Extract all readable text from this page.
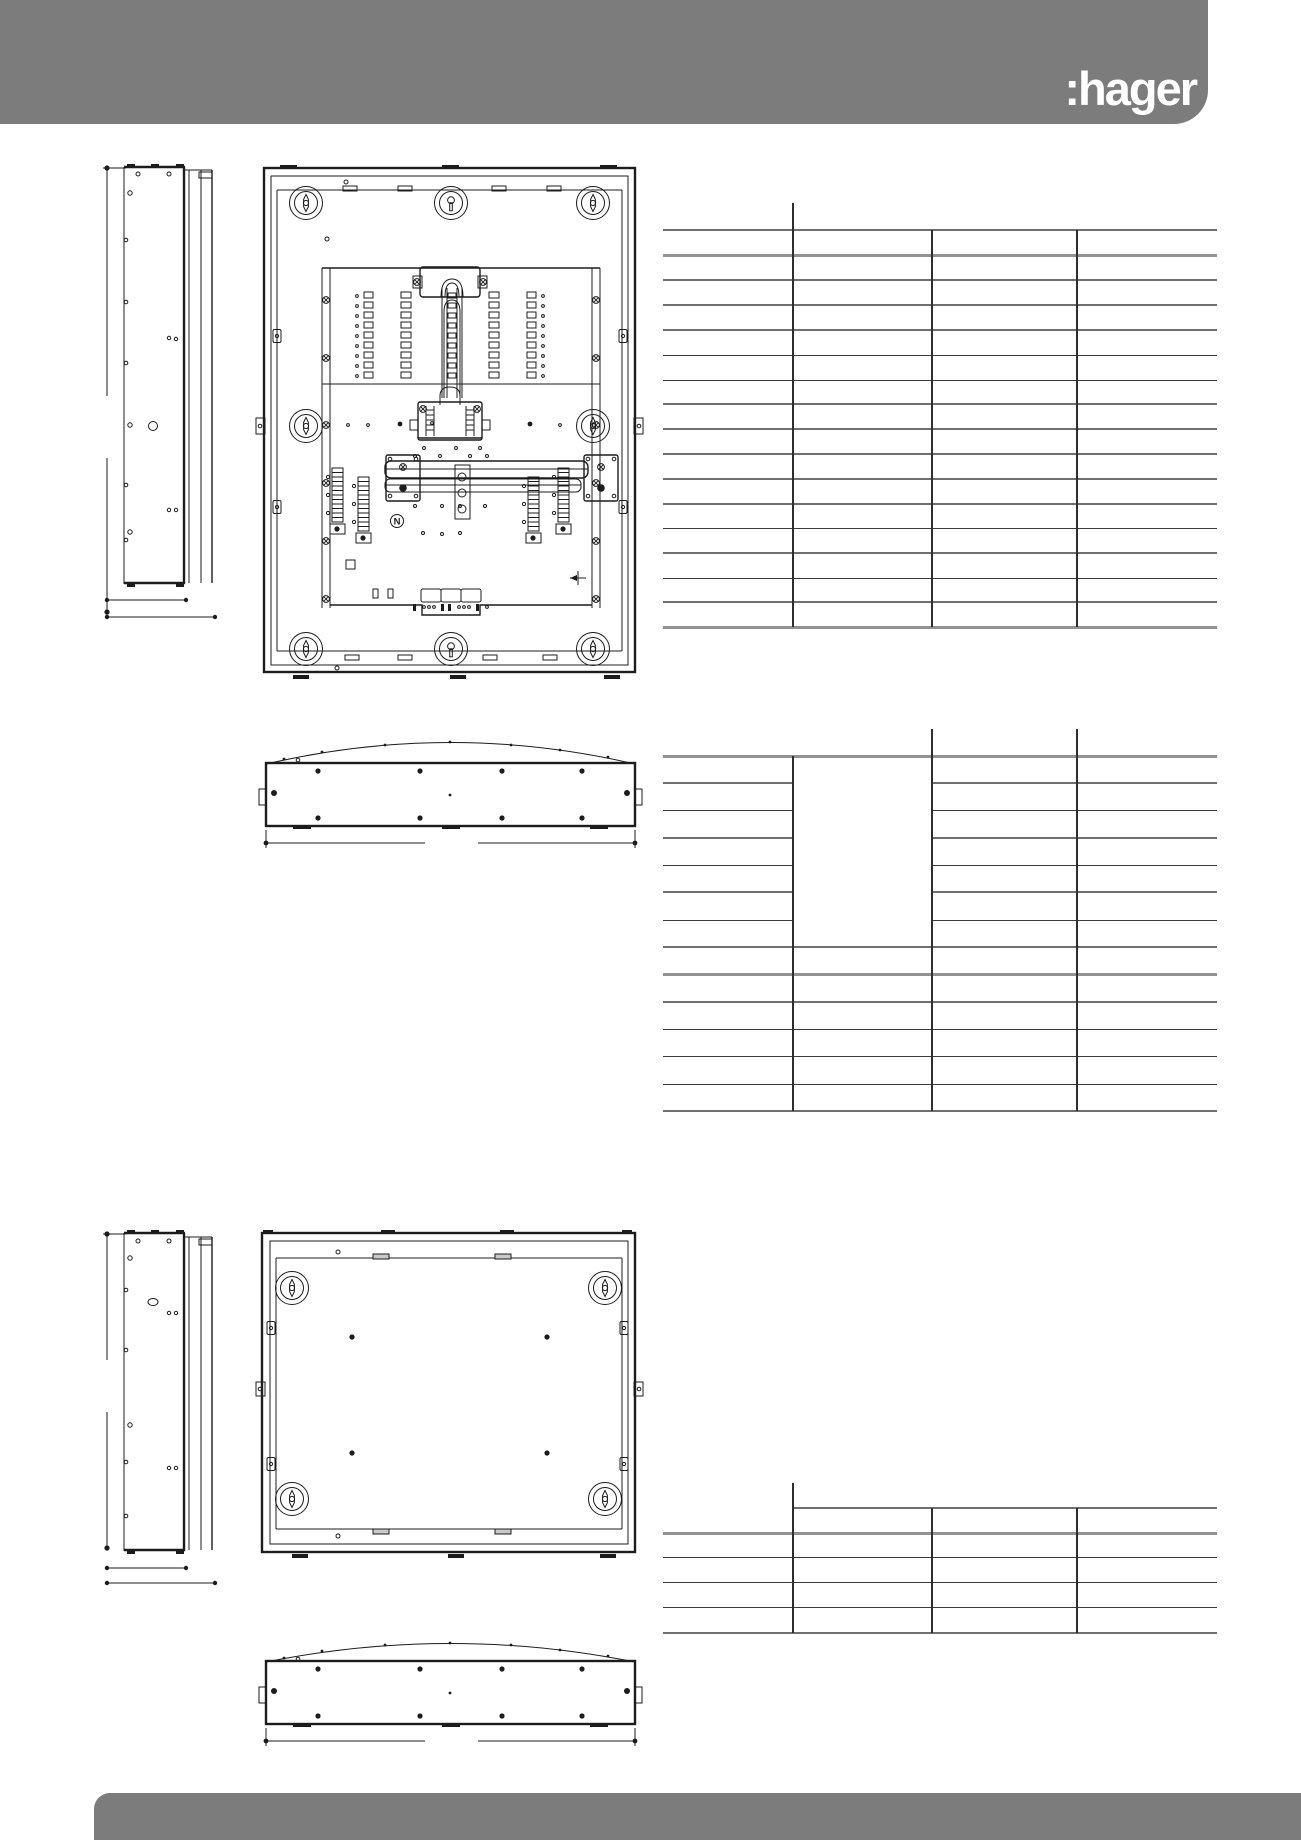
:hager
N
